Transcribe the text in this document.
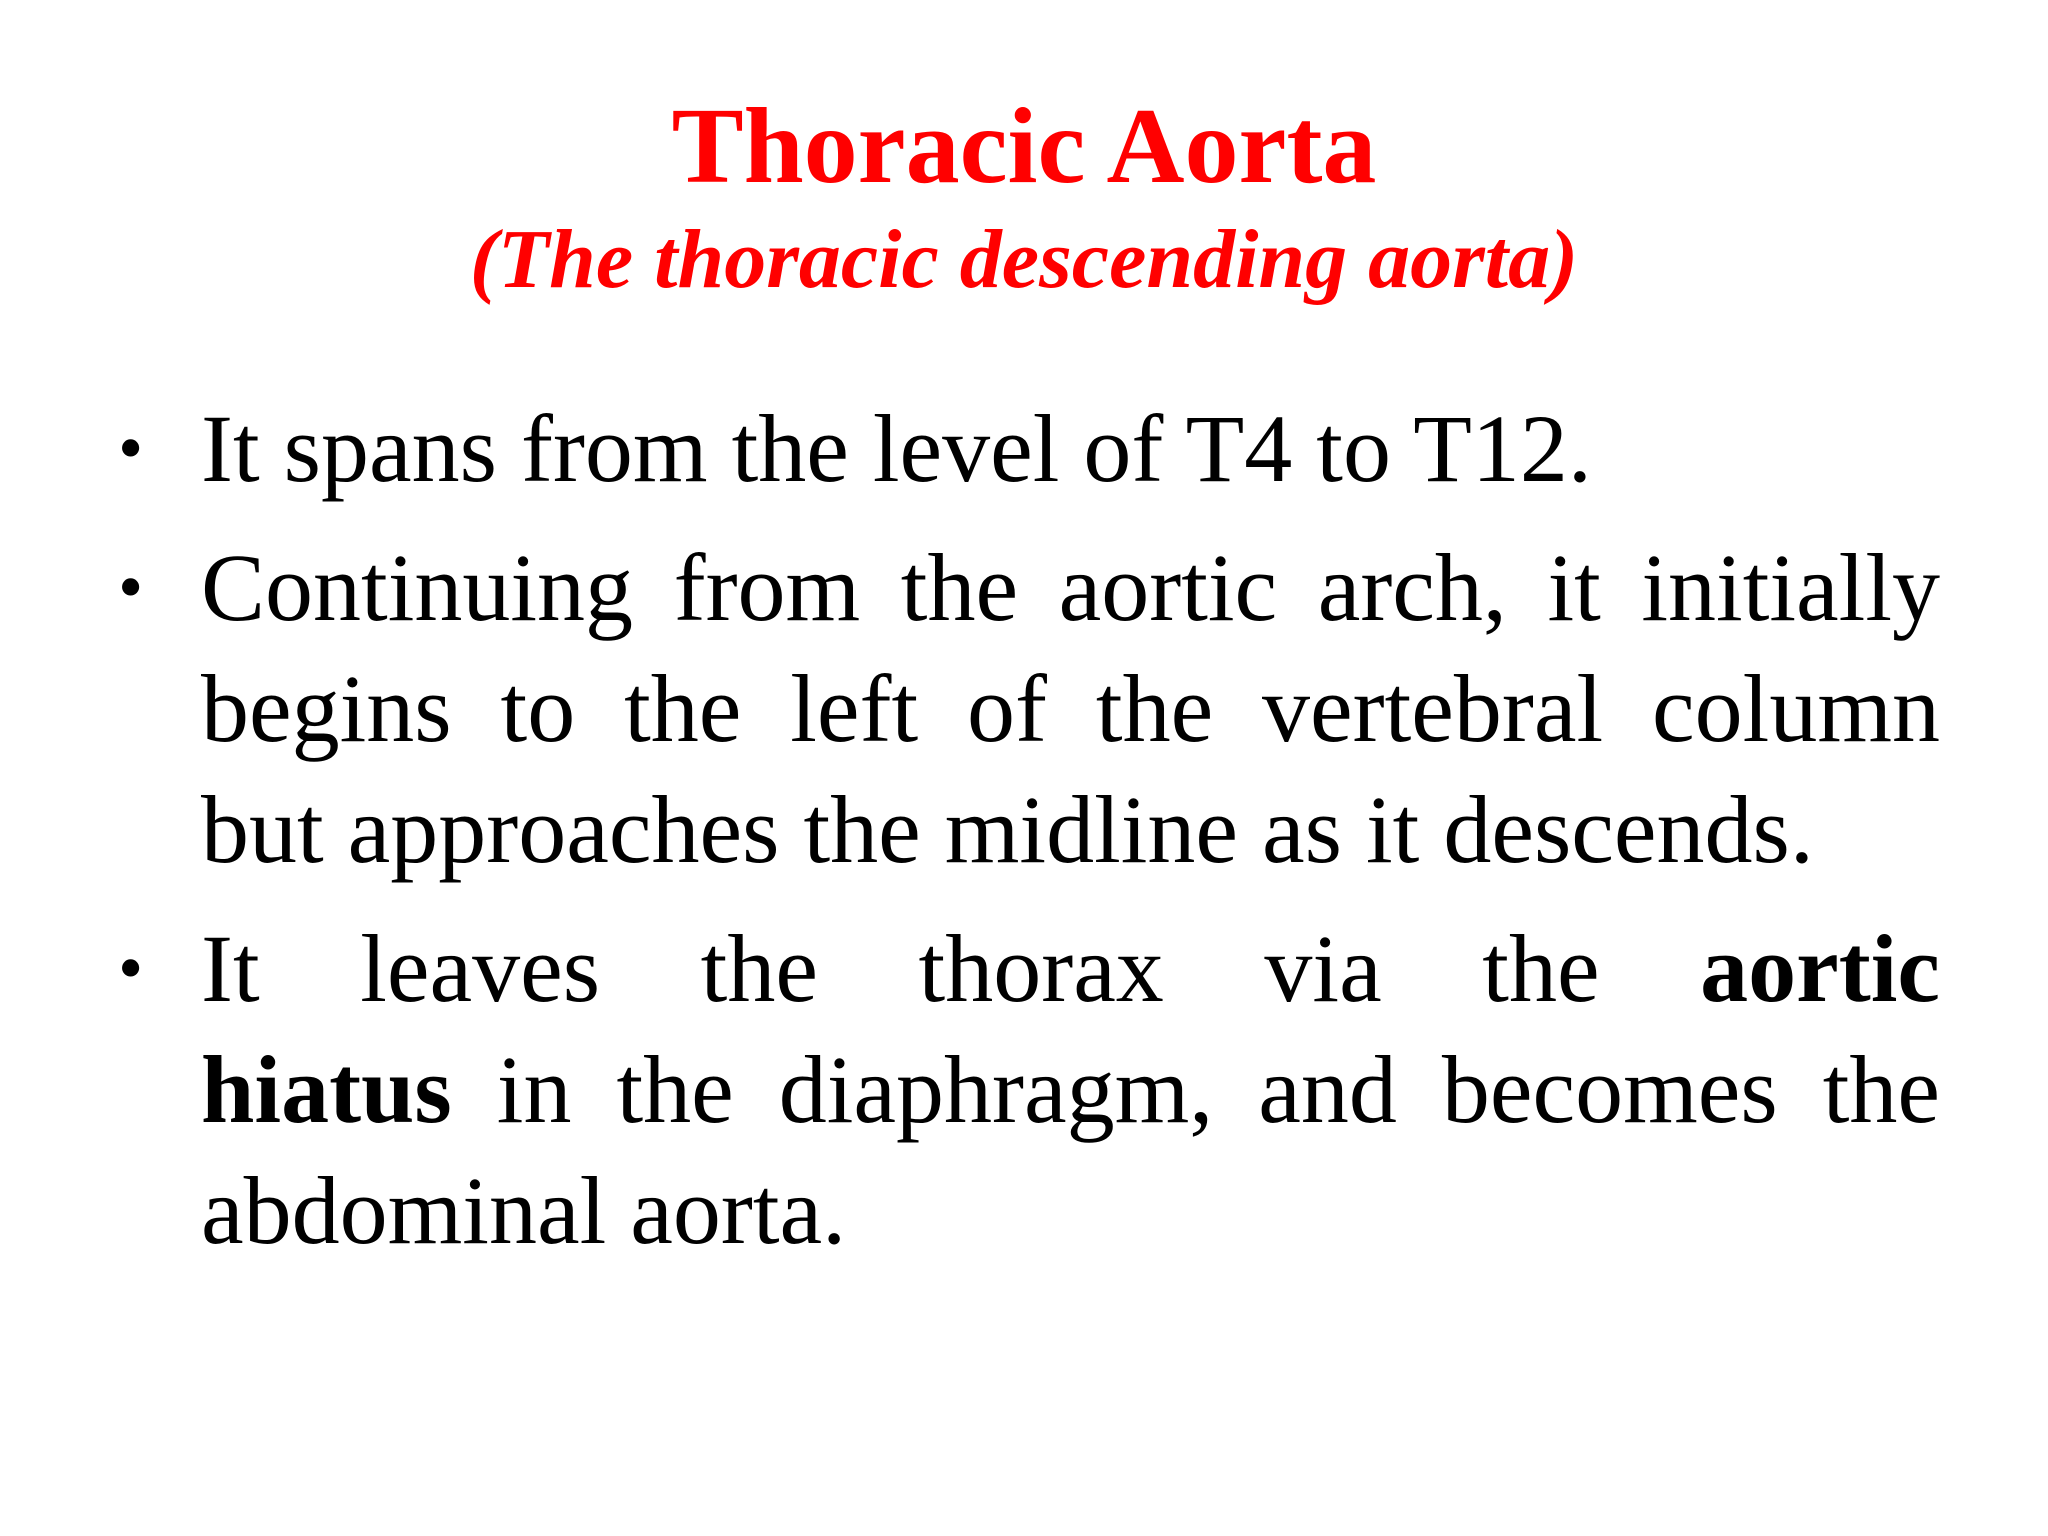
Thoracic Aorta
(The thoracic descending aorta)
• It spans from the level of T4 to T12.
• Continuing from the aortic arch, it initially
begins to the left of the vertebral column
but approaches the midline as it descends.
• It leaves the thorax via the aortic
hiatus in the diaphragm, and becomes the
abdominal aorta.
